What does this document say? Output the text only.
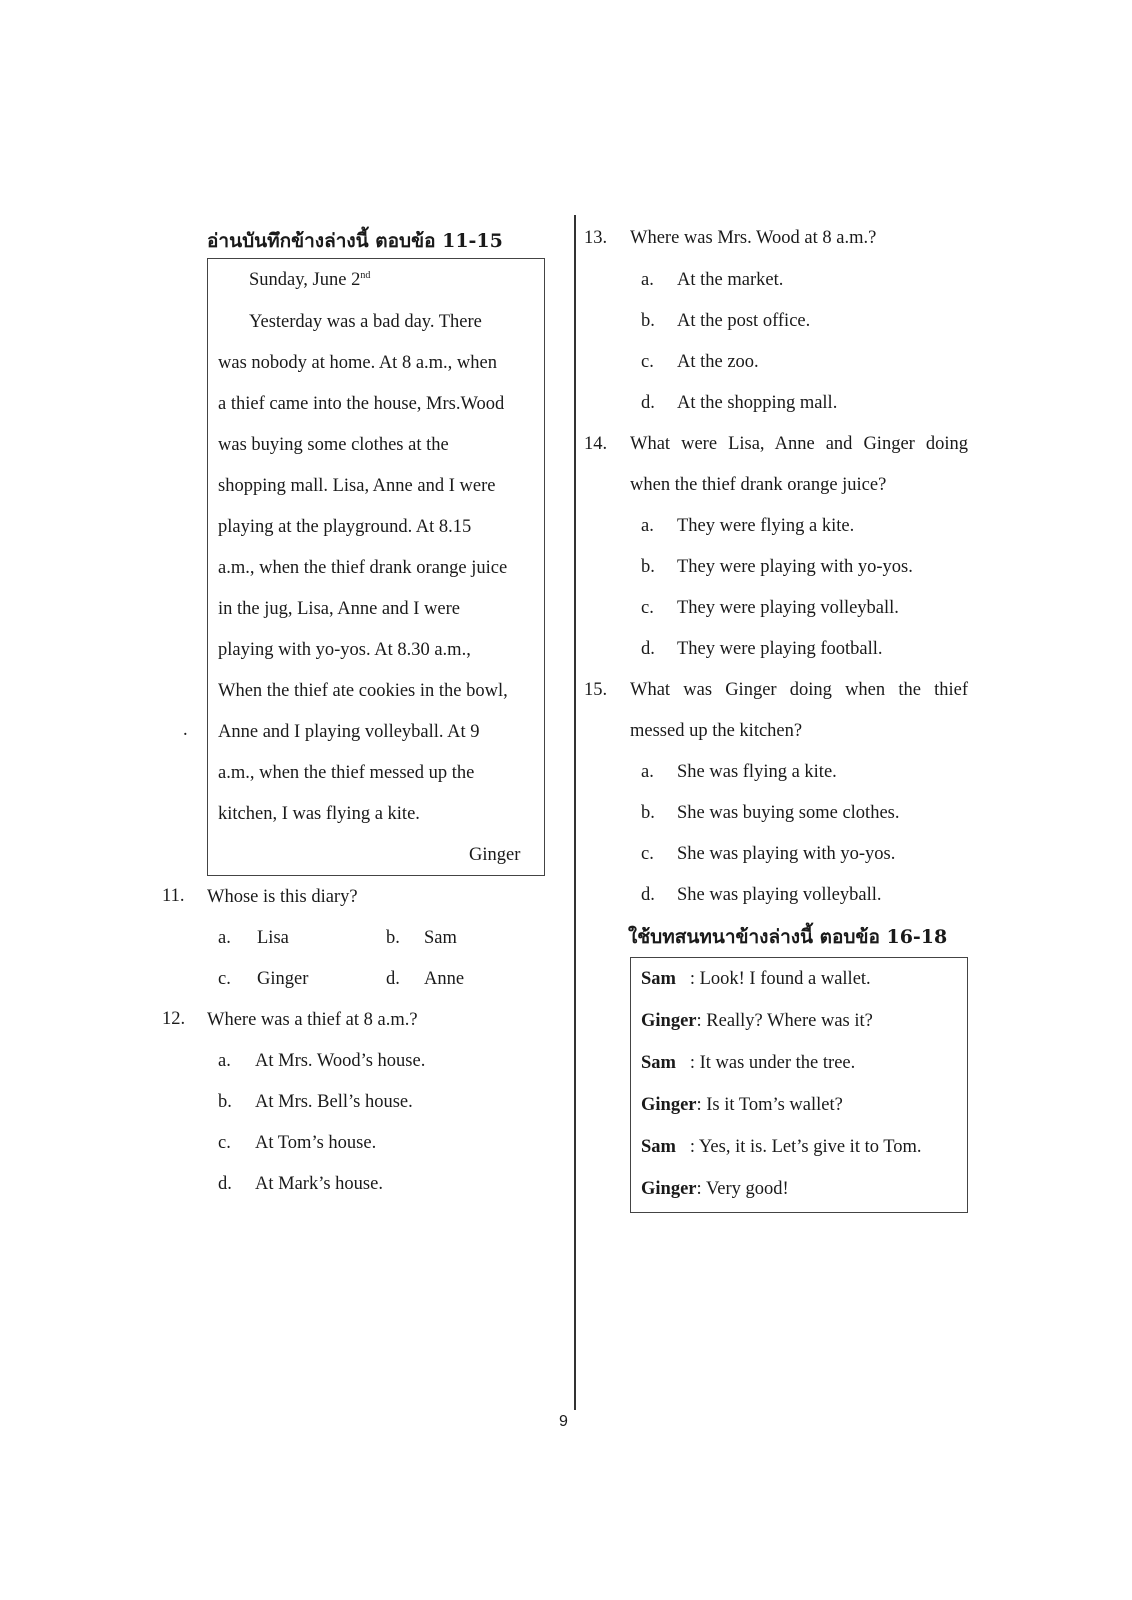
อ่านบันทึกข้างล่างนี้ ตอบข้อ 11-15
Sunday, June 2nd
Yesterday was a bad day. There
was nobody at home. At 8 a.m., when
a thief came into the house, Mrs.Wood
was buying some clothes at the
shopping mall. Lisa, Anne and I were
playing at the playground. At 8.15
a.m., when the thief drank orange juice
in the jug, Lisa, Anne and I were
playing with yo-yos. At 8.30 a.m.,
When the thief ate cookies in the bowl,
Anne and I playing volleyball. At 9
a.m., when the thief messed up the
kitchen, I was flying a kite.
.
Ginger
11. Whose is this diary?
a. Lisa	b. Sam
c. Ginger	d. Anne
12. Where was a thief at 8 a.m.?
a. At Mrs. Wood’s house.
b. At Mrs. Bell’s house.
c. At Tom’s house.
d. At Mark’s house.
13. Where was Mrs. Wood at 8 a.m.?
a. At the market.
b. At the post office.
c. At the zoo.
d. At the shopping mall.
14. What were Lisa, Anne and Ginger doing
when the thief drank orange juice?
a. They were flying a kite.
b. They were playing with yo-yos.
c. They were playing volleyball.
d. They were playing football.
15. What was Ginger doing when the thief
messed up the kitchen?
a. She was flying a kite.
b. She was buying some clothes.
c. She was playing with yo-yos.
d. She was playing volleyball.
ใช้บทสนทนาข้างล่างนี้ ตอบข้อ 16-18
Sam   : Look! I found a wallet.
Ginger: Really? Where was it?
Sam   : It was under the tree.
Ginger: Is it Tom’s wallet?
Sam   : Yes, it is. Let’s give it to Tom.
Ginger: Very good!
9
